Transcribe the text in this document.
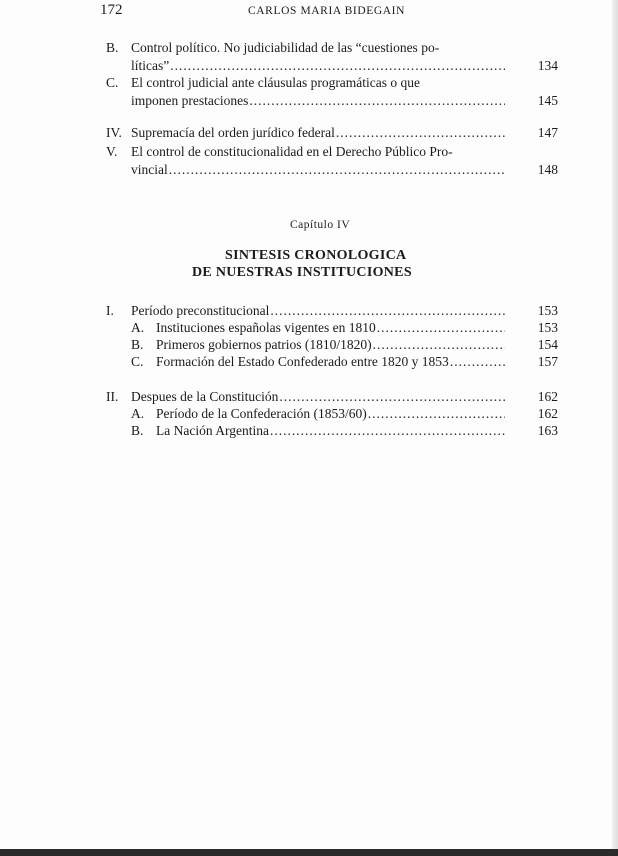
172	CARLOS MARIA BIDEGAIN
B. Control político. No judiciabilidad de las “cuestiones po-
líticas” .....	134
C. El control judicial ante cláusulas programáticas o que
imponen prestaciones .....	145
IV. Supremacía del orden jurídico federal .....	147
V.	El control de constitucionalidad en el Derecho Público Pro-
vincial .....	148
Capítulo IV
SINTESIS CRONOLOGICA
DE NUESTRAS INSTITUCIONES
I.	Período preconstitucional .....	153
A. Instituciones españolas vigentes en 1810 .....	153
B. Primeros gobiernos patrios (1810/1820) .....	154
C. Formación del Estado Confederado entre 1820 y 1853 .....	157
II. Despues de la Constitución .....	162
A. Período de la Confederación (1853/60) .....	162
B. La Nación Argentina .....	163
